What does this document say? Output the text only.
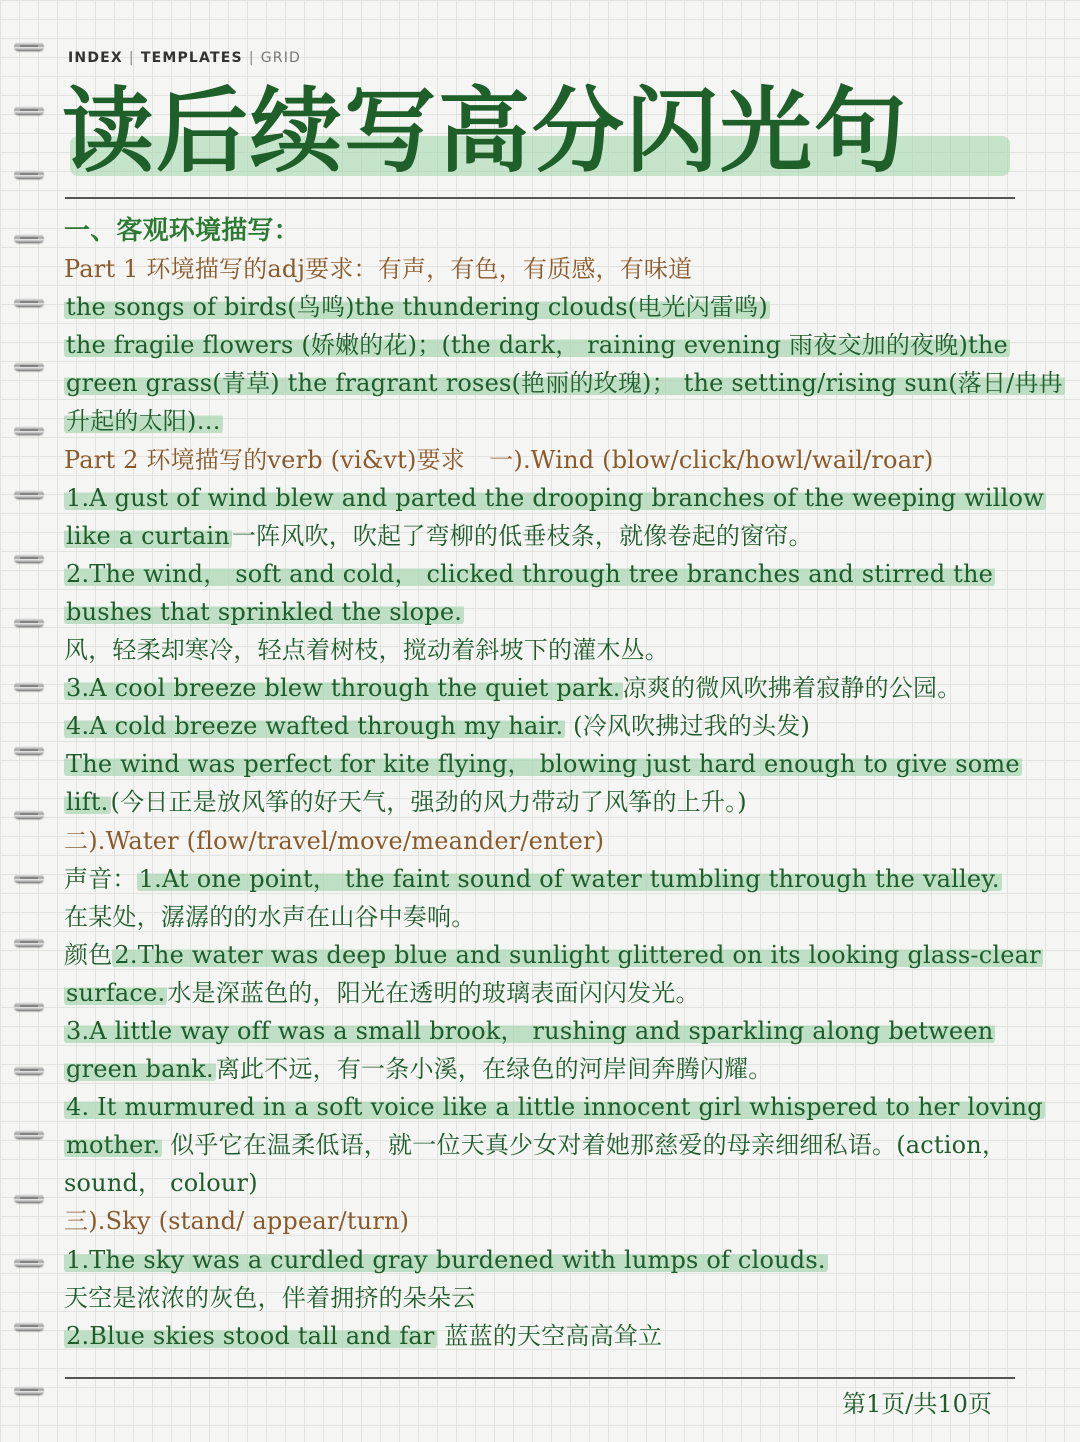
INDEX | TEMPLATES | GRID
读后续写高分闪光句
一、客观环境描写：
Part 1 环境描写的adj要求：有声，有色，有质感，有味道
the songs of birds(鸟鸣)the thundering clouds(电光闪雷鸣)
the fragile flowers (娇嫩的花)；(the dark， raining evening 雨夜交加的夜晚)the green grass(青草) the fragrant roses(艳丽的玫瑰)； the setting/rising sun(落日/冉冉升起的太阳)…
Part 2 环境描写的verb (vi&vt)要求　一).Wind (blow/click/howl/wail/roar)
1.A gust of wind blew and parted the drooping branches of the weeping willow like a curtain一阵风吹，吹起了弯柳的低垂枝条，就像卷起的窗帘。
2.The wind， soft and cold， clicked through tree branches and stirred the bushes that sprinkled the slope.
风，轻柔却寒冷，轻点着树枝，搅动着斜坡下的灌木丛。
3.A cool breeze blew through the quiet park.凉爽的微风吹拂着寂静的公园。
4.A cold breeze wafted through my hair. (冷风吹拂过我的头发)
The wind was perfect for kite flying， blowing just hard enough to give some lift.(今日正是放风筝的好天气，强劲的风力带动了风筝的上升。)
二).Water (flow/travel/move/meander/enter)
声音：1.At one point， the faint sound of water tumbling through the valley.
在某处，潺潺的的水声在山谷中奏响。
颜色2.The water was deep blue and sunlight glittered on its looking glass-clear surface.水是深蓝色的，阳光在透明的玻璃表面闪闪发光。
3.A little way off was a small brook， rushing and sparkling along between green bank.离此不远，有一条小溪，在绿色的河岸间奔腾闪耀。
4. It murmured in a soft voice like a little innocent girl whispered to her loving mother. 似乎它在温柔低语，就一位天真少女对着她那慈爱的母亲细细私语。(action， sound， colour)
三).Sky (stand/ appear/turn)
1.The sky was a curdled gray burdened with lumps of clouds.
天空是浓浓的灰色，伴着拥挤的朵朵云
2.Blue skies stood tall and far 蓝蓝的天空高高耸立
第1页/共10页
